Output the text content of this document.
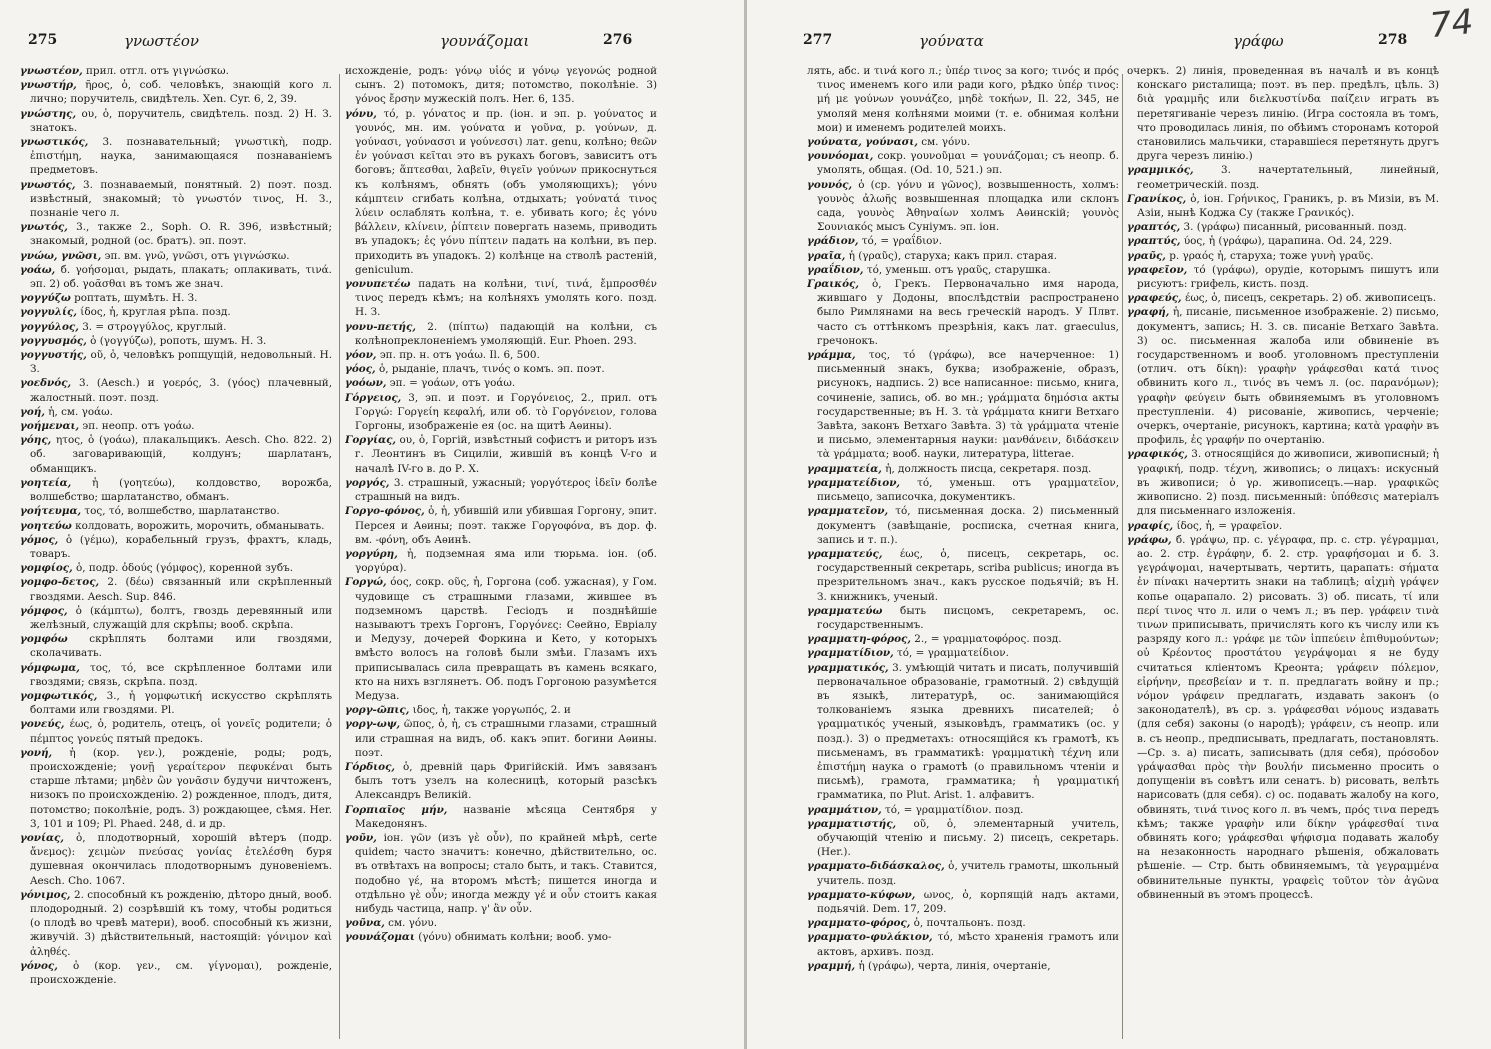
275	γνωστέον	γουνάζομαι	276
γνωστέον, прил. отгл. отъ γιγνώσκω.
γνωστήρ, ῆρος, ὁ, соб. человѣкъ, знающій кого л. лично; поручитель, свидѣтель. Xen. Cyr. 6, 2, 39.
γνώστης, ου, ὁ, поручитель, свидѣтель. позд. 2) Н. З. знатокъ.
γνωστικός, 3. познавательный; γνωστικὴ, подр. ἐπιστήμη, наука, занимающаяся познаваніемъ предметовъ.
γνωστός, 3. познаваемый, понятный. 2) поэт. позд. извѣстный, знакомый; τὸ γνωστόν τινος, Н. З., познаніе чего л.
γνωτός, 3., также 2., Soph. O. R. 396, извѣстный; знакомый, родной (ос. братъ). эп. поэт.
γνώω, γνῶσι, эп. вм. γνῶ, γνῶσι, отъ γιγνώσκω.
γοάω, б. γοήσομαι, рыдать, плакать; оплакивать, τινά. эп. 2) об. γοᾶσθαι въ томъ же знач.
γογγύζω роптать, шумѣть. Н. З.
γογγυλίς, ίδος, ἡ, круглая рѣпа. позд.
γογγύλος, 3. = στρογγύλος, круглый.
γογγυσμός, ὁ (γογγύζω), ропоть, шумъ. Н. З.
γογγυστής, οῦ, ὁ, человѣкъ ропщущій, недовольный. Н. З.
γοεδνός, 3. (Aesch.) и γοερός, 3. (γόος) плачевный, жалостный. поэт. позд.
γοή, ἡ, см. γοάω.
γοήμεναι, эп. неопр. отъ γοάω.
γόης, ητος, ὁ (γοάω), плакальщикъ. Aesch. Cho. 822. 2) об. заговаривающій, колдунъ; шарлатанъ, обманщикъ.
γοητεία, ἡ (γοητεύω), колдовство, ворожба, волшебство; шарлатанство, обманъ.
γοήτευμα, τος, τό, волшебство, шарлатанство.
γοητεύω колдовать, ворожить, морочить, обманывать.
γόμος, ὁ (γέμω), корабельный грузъ, фрахтъ, кладь, товаръ.
γομφίος, ὁ, подр. ὀδούς (γόμφος), коренной зубъ.
γομφο-δετος, 2. (δέω) связанный или скрѣпленный гвоздями. Aesch. Sup. 846.
γόμφος, ὁ (κάμπτω), болтъ, гвоздь деревянный или желѣзный, служащій для скрѣпы; вооб. скрѣпа.
γομφόω скрѣплять болтами или гвоздями, сколачивать.
γόμφωμα, τος, τό, все скрѣпленное болтами или гвоздями; связь, скрѣпа. позд.
γομφωτικός, 3., ἡ γομφωτική искусство скрѣплять болтами или гвоздями. Pl.
γονεύς, έως, ὁ, родитель, отецъ, οἱ γονεῖς родители; ὁ πέμπτος γονεύς пятый предокъ.
γονή, ἡ (кор. γεν.), рожденіе, роды; родъ, происхожденіе; γονῇ γεραίτερον πεφυκέναι быть старше лѣтами; μηδὲν ὢν γονᾶσιν будучи ничтоженъ, низокъ по происхожденію. 2) рожденное, плодъ, дитя, потомство; поколѣніе, родъ. 3) рождающее, сѣмя. Her. 3, 101 и 109; Pl. Phaed. 248, d. и др.
γονίας, ὁ, плодотворный, хорошій вѣтеръ (подр. ἄνεμος): χειμὼν πνεύσας γονίας ἐτελέσθη буря душевная окончилась плодотворнымъ дуновеніемъ. Aesch. Cho. 1067.
γόνιμος, 2. способный къ рожденію, дѣторо дный, вооб. плодородный. 2) созрѣвшій къ тому, чтобы родиться (о плодѣ во чревѣ матери), вооб. способный къ жизни, живучій. 3) дѣйствительный, настоящій: γόνιμον καὶ ἀληθές.
γόνος, ὁ (кор. γεν., см. γίγνομαι), рожденіе, происхожденіе.
исхожденіе, родъ: γόνῳ υἱός и γόνῳ γεγονώς родной сынъ. 2) потомокъ, дитя; потомство, поколѣніе. 3) γόνος ἔρσην мужескій полъ. Her. 6, 135.
γόνυ, τό, р. γόνατος и пр. (іон. и эп. р. γούνατος и γουνός, мн. им. γούνατα и γοῦνα, р. γούνων, д. γούνασι, γούνασσι и γούνεσσι) лат. genu, колѣно; θεῶν ἐν γούνασι κεῖται это въ рукахъ боговъ, зависитъ отъ боговъ; ἅπτεσθαι, λαβεῖν, θιγεῖν γούνων прикоснуться къ колѣнямъ, обнять (объ умоляющихъ); γόνυ κάμπτειν сгибать колѣна, отдыхать; γούνατά τινος λύειν ослаблять колѣна, т. е. убивать кого; ἐς γόνυ βάλλειν, κλίνειν, ῥίπτειν повергать наземь, приводить въ упадокъ; ἐς γόνυ πίπτειν падать на колѣни, въ пер. приходить въ упадокъ. 2) колѣнце на стволѣ растеній, geniculum.
γονυπετέω падать на колѣни, τινί, τινά, ἔμπροσθέν τινος передъ кѣмъ; на колѣняхъ умолять кого. позд. Н. З.
γονυ-πετής, 2. (πίπτω) падающій на колѣни, съ колѣнопреклоненіемъ умоляющій. Eur. Phoen. 293.
γόον, эп. пр. н. отъ γοάω. Il. 6, 500.
γόος, ὁ, рыданіе, плачъ, τινός о комъ. эп. поэт.
γοόων, эп. = γοάων, отъ γοάω.
Γόργειος, 3, эп. и поэт. и Γοργόνειος, 2., прил. отъ Γοργώ: Γοργείη κεφαλή, или об. τὸ Γοργόνειον, голова Горгоны, изображеніе ея (ос. на щитѣ Аѳины).
Γοργίας, ου, ὁ, Горгій, извѣстный софистъ и риторъ изъ г. Леонтинъ въ Сициліи, жившій въ концѣ V-го и началѣ IV-го в. до Р. Х.
γοργός, 3. страшный, ужасный; γοργότερος ἰδεῖν болѣе страшный на видъ.
Γοργο-φόνος, ὁ, ἡ, убившій или убившая Горгону, эпит. Персея и Аѳины; поэт. также Γοργοφόνα, въ дор. ф. вм. -φόνη, объ Аѳинѣ.
γοργύρη, ἡ, подземная яма или тюрьма. іон. (об. γοργύρα).
Γοργώ, όος, сокр. οῦς, ἡ, Горгона (соб. ужасная), у Гом. чудовище съ страшными глазами, жившее въ подземномъ царствѣ. Гесіодъ и позднѣйшіе называютъ трехъ Горгонъ, Γοργόνες: Сѳейно, Евріалу и Медузу, дочерей Форкина и Кето, у которыхъ вмѣсто волосъ на головѣ были змѣи. Глазамъ ихъ приписывалась сила превращать въ камень всякаго, кто на нихъ взглянетъ. Об. подъ Горгоною разумѣется Медуза.
γοργ-ῶπις, ιδος, ἡ, также γοργωπός, 2. и
γοργ-ωψ, ῶπος, ὁ, ἡ, съ страшными глазами, страшный или страшная на видъ, об. какъ эпит. богини Аѳины. поэт.
Γόρδιος, ὁ, древній царь Фригійскій. Имъ завязанъ былъ тотъ узелъ на колесницѣ, который разсѣкъ Александръ Великій.
Γορπιαῖος μήν, названіе мѣсяца Сентября у Македонянъ.
γοῦν, іон. γῶν (изъ γὲ οὖν), по крайней мѣрѣ, certe quidem; часто значитъ: конечно, дѣйствительно, ос. въ отвѣтахъ на вопросы; стало быть, и такъ. Ставится, подобно γέ, на второмъ мѣстѣ; пишется иногда и отдѣльно γὲ οὖν; иногда между γέ и οὖν стоитъ какая нибудь частица, напр. γ' ἂν οὖν.
γοῦνα, см. γόνυ.
γουνάζομαι (γόνυ) обнимать колѣни; вооб. умо-
277	γούνατα	γράφω	278 74
лять, абс. и τινά кого л.; ὑπέρ τινος за кого; τινός и πρός τινος именемъ кого или ради кого, рѣдко ὑπέρ τινος: μή με γούνων γουνάζεο, μηδὲ τοκήων, Il. 22, 345, не умоляй меня колѣнями моими (т. е. обнимая колѣни мои) и именемъ родителей моихъ.
γούνατα, γούνασι, см. γόνυ.
γουνόομαι, сокр. γουνοῦμαι = γουνάζομαι; съ неопр. б. умолять, общая. (Od. 10, 521.) эп.
γουνός, ὁ (ср. γόνυ и γῶνος), возвышенность, холмъ: γουνὸς ἀλωῆς возвышенная площадка или склонъ сада, γουνὸς Ἀθηναίων холмъ Аѳинскій; γουνὸς Σουνιακός мысъ Суніумъ. эп. іон.
γράδιον, τό, = γραΐδιον.
γραῖα, ἡ (γραῦς), старуха; какъ прил. старая.
γραΐδιον, τό, уменьш. отъ γραῦς, старушка.
Γραικός, ὁ, Грекъ. Первоначально имя народа, жившаго у Додоны, впослѣдствіи распространено было Римлянами на весь греческій народъ. У Плвт. часто съ оттѣнкомъ презрѣнія, какъ лат. graeculus, гречонокъ.
γράμμα, τος, τό (γράφω), все начерченное: 1) письменный знакъ, буква; изображеніе, образъ, рисунокъ, надпись. 2) все написанное: письмо, книга, сочиненіе, запись, об. во мн.; γράμματα δημόσια акты государственные; въ Н. З. τὰ γράμματα книги Ветхаго Завѣта, законъ Ветхаго Завѣта. 3) τὰ γράμματα чтеніе и письмо, элементарныя науки: μανθάνειν, διδάσκειν τὰ γράμματα; вооб. науки, литература, litterae.
γραμματεία, ἡ, должность писца, секретаря. позд.
γραμματείδιον, τό, уменьш. отъ γραμματεῖον, письмецо, записочка, документикъ.
γραμματεῖον, τό, письменная доска. 2) письменный документъ (завѣщаніе, росписка, счетная книга, запись и т. п.).
γραμματεύς, έως, ὁ, писецъ, секретарь, ос. государственный секретарь, scriba publicus; иногда въ презрительномъ знач., какъ русское подьячій; въ Н. З. книжникъ, ученый.
γραμματεύω быть писцомъ, секретаремъ, ос. государственнымъ.
γραμματη-φόρος, 2., = γραμματοφόρος. позд.
γραμματίδιον, τό, = γραμματείδιον.
γραμματικός, 3. умѣющій читать и писать, получившій первоначальное образованіе, грамотный. 2) свѣдущій въ языкѣ, литературѣ, ос. занимающійся толкованіемъ языка древнихъ писателей; ὁ γραμματικός ученый, языковѣдъ, грамматикъ (ос. у позд.). 3) о предметахъ: относящійся къ грамотѣ, къ письменамъ, въ грамматикѣ: γραμματικὴ τέχνη или ἐπιστήμη наука о грамотѣ (о правильномъ чтеніи и письмѣ), грамота, грамматика; ἡ γραμματική грамматика, по Plut. Arist. 1. алфавитъ.
γραμμάτιον, τό, = γραμματίδιον. позд.
γραμματιστής, οῦ, ὁ, элементарный учитель, обучающій чтенію и письму. 2) писецъ, секретарь. (Her.).
γραμματο-διδάσκαλος, ὁ, учитель грамоты, школьный учитель. позд.
γραμματο-κύφων, ωνος, ὁ, корпящій надъ актами, подьячій. Dem. 17, 209.
γραμματο-φόρος, ὁ, почтальонъ. позд.
γραμματο-φυλάκιον, τό, мѣсто храненія грамотъ или актовъ, архивъ. позд.
γραμμή, ἡ (γράφω), черта, линія, очертаніе,
очеркъ. 2) линія, проведенная въ началѣ и въ концѣ конскаго ристалища; поэт. въ пер. предѣлъ, цѣль. 3) διὰ γραμμῆς или διελκυστίνδα παίζειν играть въ перетягиваніе черезъ линію. (Игра состояла въ томъ, что проводилась линія, по обѣимъ сторонамъ которой становились мальчики, старавшіеся перетянуть другъ друга черезъ линію.)
γραμμικός, 3. начертательный, линейный, геометрическій. позд.
Γρανίκος, ὁ, іон. Γρήνικος, Граникъ, р. въ Мизіи, въ М. Азіи, нынѣ Коджа Су (также Γρανικός).
γραπτός, 3. (γράφω) писанный, рисованный. позд.
γραπτύς, ύος, ἡ (γράφω), царапина. Od. 24, 229.
γραῦς, р. γραός ἡ, старуха; тоже γυνὴ γραῦς.
γραφεῖον, τό (γράφω), орудіе, которымъ пишутъ или рисуютъ: грифель, кисть. позд.
γραφεύς, έως, ὁ, писецъ, секретарь. 2) об. живописецъ.
γραφή, ἡ, писаніе, письменное изображеніе. 2) письмо, документъ, запись; Н. З. св. писаніе Ветхаго Завѣта. 3) ос. письменная жалоба или обвиненіе въ государственномъ и вооб. уголовномъ преступленіи (отлич. отъ δίκη): γραφὴν γράφεσθαι κατά τινος обвинить кого л., τινός въ чемъ л. (ос. παρανόμων); γραφὴν φεύγειν быть обвиняемымъ въ уголовномъ преступленіи. 4) рисованіе, живопись, черченіе; очеркъ, очертаніе, рисунокъ, картина; κατὰ γραφὴν въ профиль, ἐς γραφήν по очертанію.
γραφικός, 3. относящійся до живописи, живописный; ἡ γραφική, подр. τέχνη, живопись; о лицахъ: искусный въ живописи; ὁ γρ. живописецъ.—нар. γραφικῶς живописно. 2) позд. письменный: ὑπόθεσις матеріалъ для письменнаго изложенія.
γραφίς, ίδος, ἡ, = γραφεῖον.
γράφω, б. γράψω, пр. с. γέγραφα, пр. с. стр. γέγραμμαι, ао. 2. стр. ἐγράφην, б. 2. стр. γραφήσομαι и б. 3. γεγράψομαι, начертывать, чертить, царапать: σήματα ἐν πίνακι начертить знаки на таблицѣ; αἰχμὴ γράψεν копье оцарапало. 2) рисовать. 3) об. писать, τί или περί τινος что л. или о чемъ л.; въ пер. γράφειν τινὰ τινων приписывать, причислять кого къ числу или къ разряду кого л.: γράφε με τῶν ἱππεύειν ἐπιθυμούντων; οὐ Κρέοντος προστάτου γεγράψομαι я не буду считаться кліентомъ Креонта; γράφειν πόλεμον, εἰρήνην, πρεσβείαν и т. п. предлагать войну и пр.; νόμον γράφειν предлагать, издавать законъ (о законодателѣ), въ ср. з. γράφεσθαι νόμους издавать (для себя) законы (о народѣ); γράφειν, съ неопр. или в. съ неопр., предписывать, предлагать, постановлять.—Ср. з. а) писать, записывать (для себя), πρόσοδον γράψασθαι πρὸς τὴν βουλήν письменно просить о допущеніи въ совѣтъ или сенатъ. b) рисовать, велѣть нарисовать (для себя). c) ос. подавать жалобу на кого, обвинять, τινά τινος кого л. въ чемъ, πρός τινα передъ кѣмъ; также γραφὴν или δίκην γράφεσθαί τινα обвинять кого; γράφεσθαι ψήφισμα подавать жалобу на незаконность народнаго рѣшенія, обжаловать рѣшеніе. — Стр. быть обвиняемымъ, τὰ γεγραμμένα обвинительные пункты, γραφεὶς τοῦτον τὸν ἀγῶνα обвиненный въ этомъ процессѣ.
